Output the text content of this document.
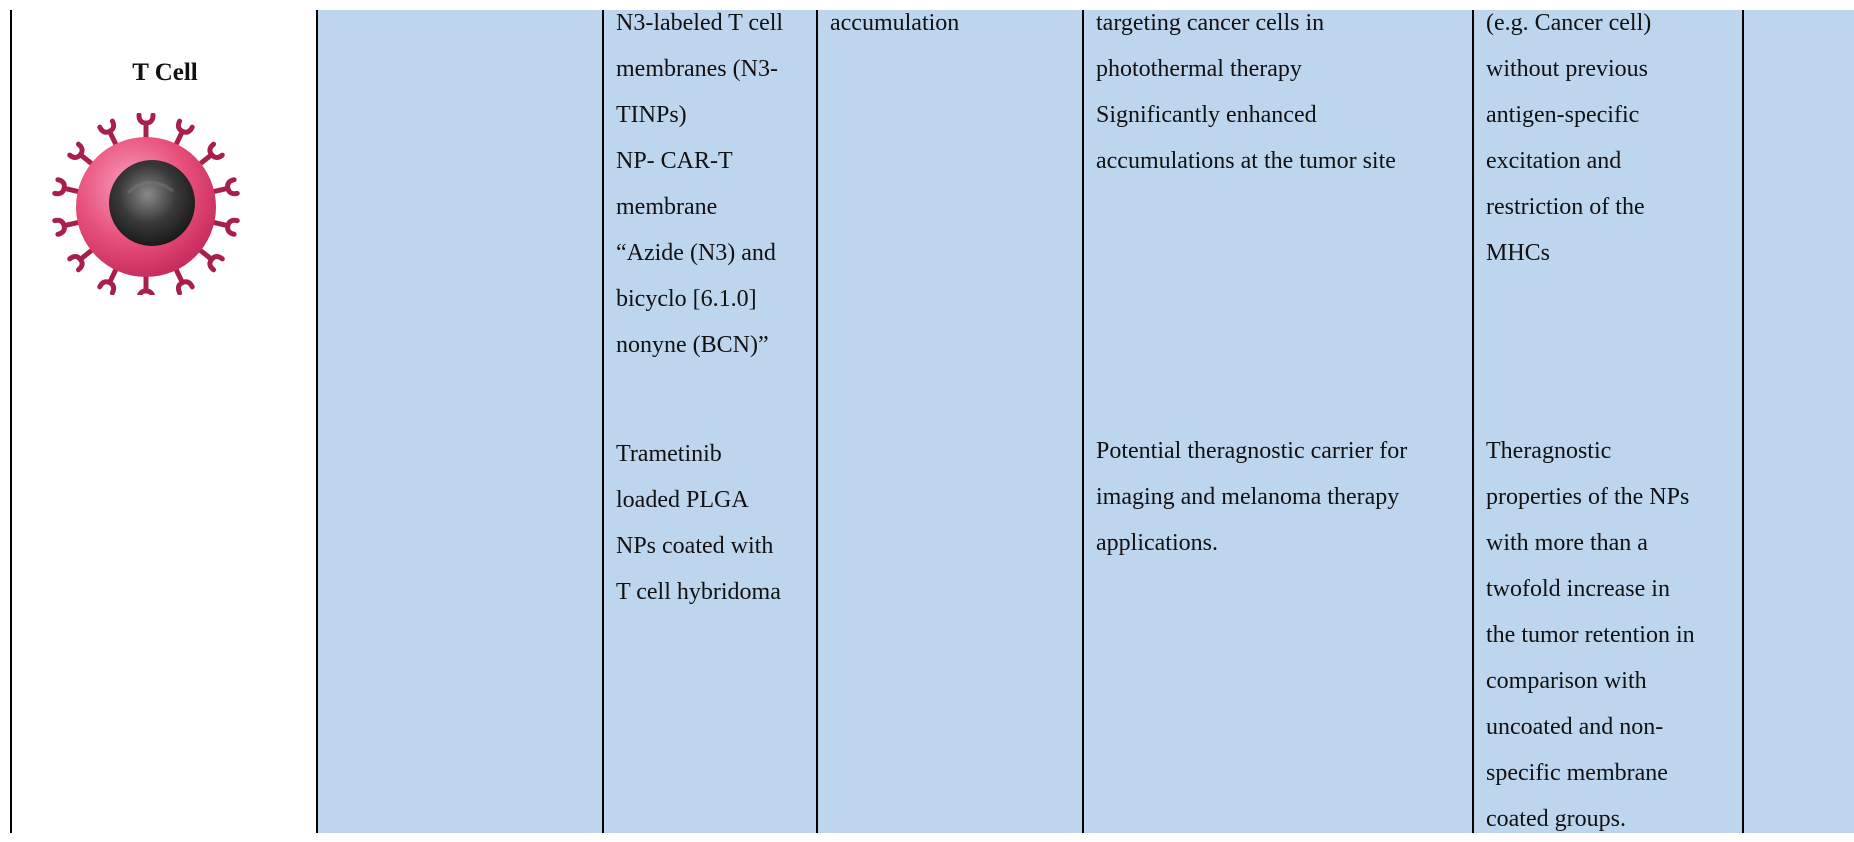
T Cell
N3-labeled T cell
membranes (N3-
TINPs)
NP- CAR-T
membrane
“Azide (N3) and
bicyclo [6.1.0]
nonyne (BCN)”
Trametinib
loaded PLGA
NPs coated with
T cell hybridoma
accumulation	targeting cancer cells in
photothermal therapy
Significantly enhanced
accumulations at the tumor site
Potential theragnostic carrier for
imaging and melanoma therapy
applications.
(e.g. Cancer cell)
without previous
antigen-specific
excitation and
restriction of the
MHCs
Theragnostic
properties of the NPs
with more than a
twofold increase in
the tumor retention in
comparison with
uncoated and non-
specific membrane
coated groups.
